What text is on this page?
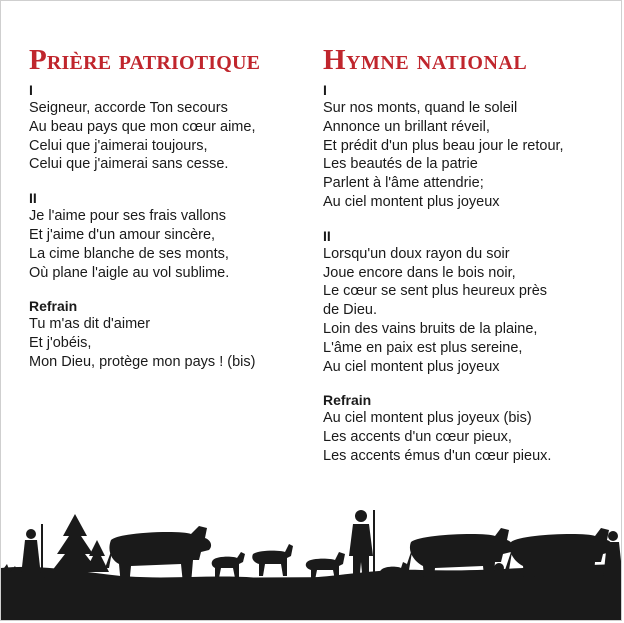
Prière patriotique
I
Seigneur, accorde Ton secours
Au beau pays que mon cœur aime,
Celui que j'aimerai toujours,
Celui que j'aimerai sans cesse.
II
Je l'aime pour ses frais vallons
Et j'aime d'un amour sincère,
La cime blanche de ses monts,
Où plane l'aigle au vol sublime.
Refrain
Tu m'as dit d'aimer
Et j'obéis,
Mon Dieu, protège mon pays ! (bis)
Hymne national
I
Sur nos monts, quand le soleil
Annonce un brillant réveil,
Et prédit d'un plus beau jour le retour,
Les beautés de la patrie
Parlent à l'âme attendrie;
Au ciel montent plus joyeux
II
Lorsqu'un doux rayon du soir
Joue encore dans le bois noir,
Le cœur se sent plus heureux près
de Dieu.
Loin des vains bruits de la plaine,
L'âme en paix est plus sereine,
Au ciel montent plus joyeux
Refrain
Au ciel montent plus joyeux (bis)
Les accents d'un cœur pieux,
Les accents émus d'un cœur pieux.
